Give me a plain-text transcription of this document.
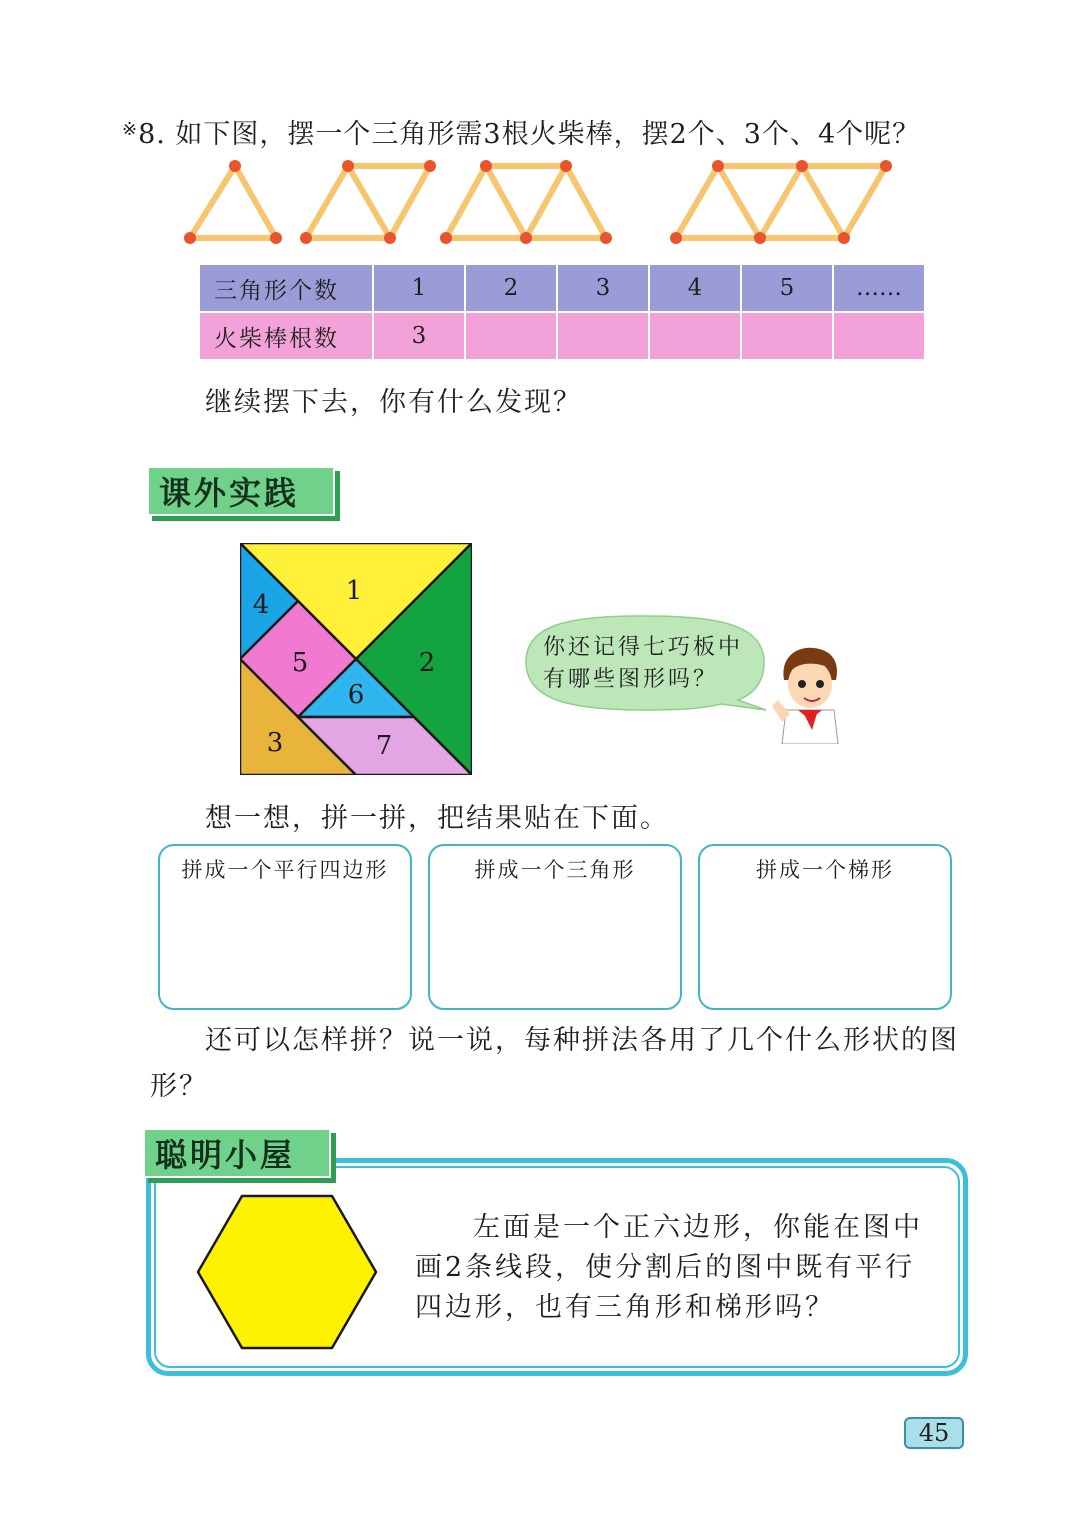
※8. 如下图，摆一个三角形需3根火柴棒，摆2个、3个、4个呢？
三角形个数	1	2	3	4	5	……
火柴棒根数	3					
继续摆下去，你有什么发现？
课外实践
1
2
3
4
5
6
7
你还记得七巧板中有哪些图形吗？
想一想，拼一拼，把结果贴在下面。
拼成一个平行四边形	拼成一个三角形	拼成一个梯形
还可以怎样拼？说一说，每种拼法各用了几个什么形状的图形？
聪明小屋
左面是一个正六边形，你能在图中画2条线段，使分割后的图中既有平行四边形，也有三角形和梯形吗？
45
